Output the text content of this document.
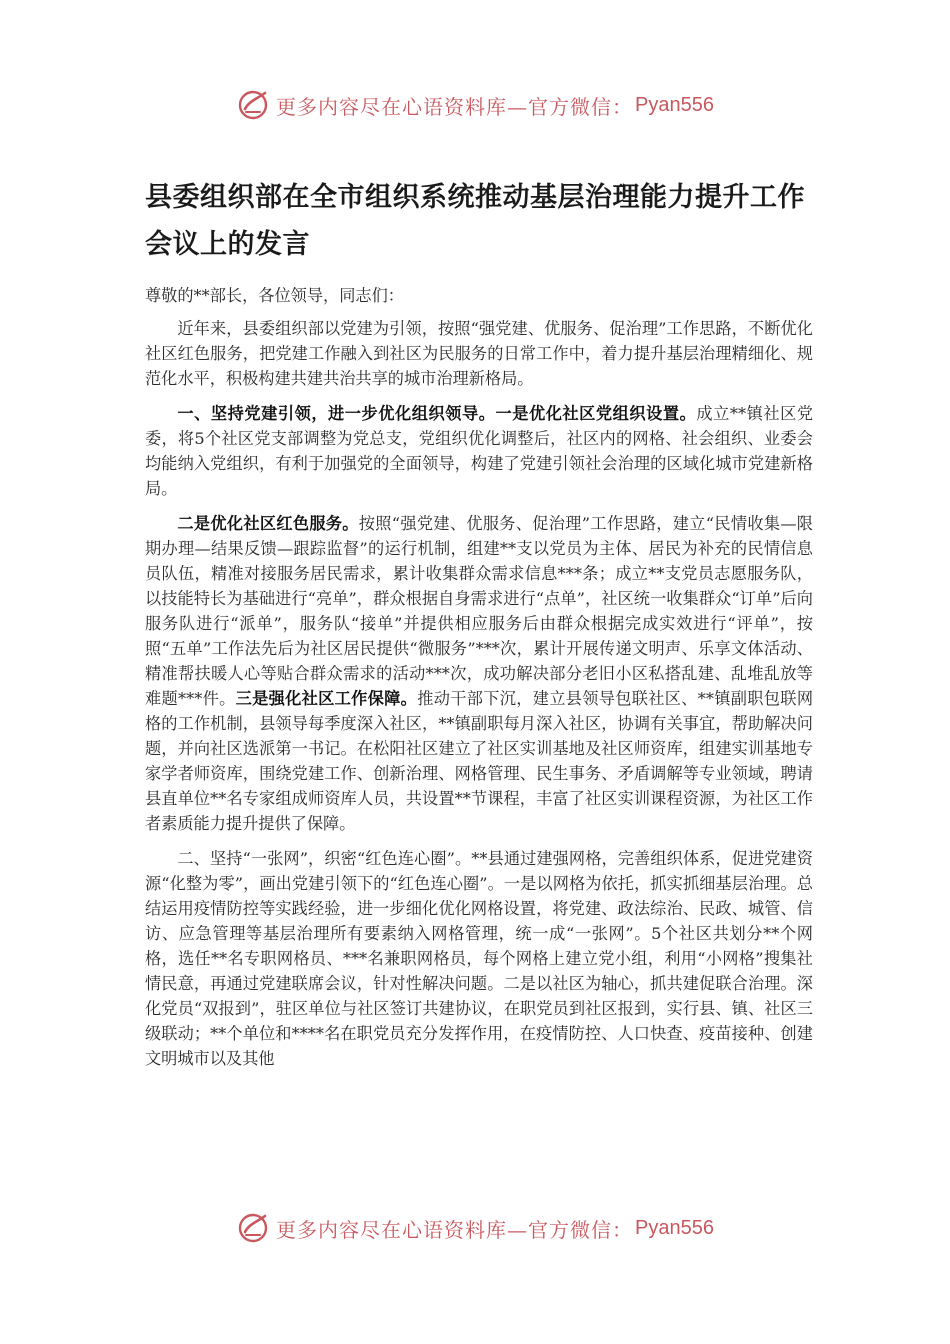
更多内容尽在心语资料库—官方微信： Pyan556
县委组织部在全市组织系统推动基层治理能力提升工作会议上的发言

尊敬的**部长，各位领导，同志们：

近年来，县委组织部以党建为引领，按照“强党建、优服务、促治理”工作思路，不断优化社区红色服务，把党建工作融入到社区为民服务的日常工作中，着力提升基层治理精细化、规范化水平，积极构建共建共治共享的城市治理新格局。

一、坚持党建引领，进一步优化组织领导。一是优化社区党组织设置。成立**镇社区党委，将5个社区党支部调整为党总支，党组织优化调整后，社区内的网格、社会组织、业委会均能纳入党组织，有利于加强党的全面领导，构建了党建引领社会治理的区域化城市党建新格局。

二是优化社区红色服务。按照“强党建、优服务、促治理”工作思路，建立“民情收集—限期办理—结果反馈—跟踪监督”的运行机制，组建**支以党员为主体、居民为补充的民情信息员队伍，精准对接服务居民需求，累计收集群众需求信息***条；成立**支党员志愿服务队，以技能特长为基础进行“亮单”，群众根据自身需求进行“点单”，社区统一收集群众“订单”后向服务队进行“派单”，服务队“接单”并提供相应服务后由群众根据完成实效进行“评单”，按照“五单”工作法先后为社区居民提供“微服务”***次，累计开展传递文明声、乐享文体活动、精准帮扶暖人心等贴合群众需求的活动***次，成功解决部分老旧小区私搭乱建、乱堆乱放等难题***件。三是强化社区工作保障。推动干部下沉，建立县领导包联社区、**镇副职包联网格的工作机制，县领导每季度深入社区，**镇副职每月深入社区，协调有关事宜，帮助解决问题，并向社区选派第一书记。在松阳社区建立了社区实训基地及社区师资库，组建实训基地专家学者师资库，围绕党建工作、创新治理、网格管理、民生事务、矛盾调解等专业领域，聘请县直单位**名专家组成师资库人员，共设置**节课程，丰富了社区实训课程资源，为社区工作者素质能力提升提供了保障。

二、坚持“一张网”，织密“红色连心圈”。**县通过建强网格，完善组织体系，促进党建资源“化整为零”，画出党建引领下的“红色连心圈”。一是以网格为依托，抓实抓细基层治理。总结运用疫情防控等实践经验，进一步细化优化网格设置，将党建、政法综治、民政、城管、信访、应急管理等基层治理所有要素纳入网格管理，统一成“一张网”。5个社区共划分**个网格，选任**名专职网格员、***名兼职网格员，每个网格上建立党小组，利用“小网格”搜集社情民意，再通过党建联席会议，针对性解决问题。二是以社区为轴心，抓共建促联合治理。深化党员“双报到”，驻区单位与社区签订共建协议，在职党员到社区报到，实行县、镇、社区三级联动；**个单位和****名在职党员充分发挥作用，在疫情防控、人口快查、疫苗接种、创建文明城市以及其他

更多内容尽在心语资料库—官方微信： Pyan556
